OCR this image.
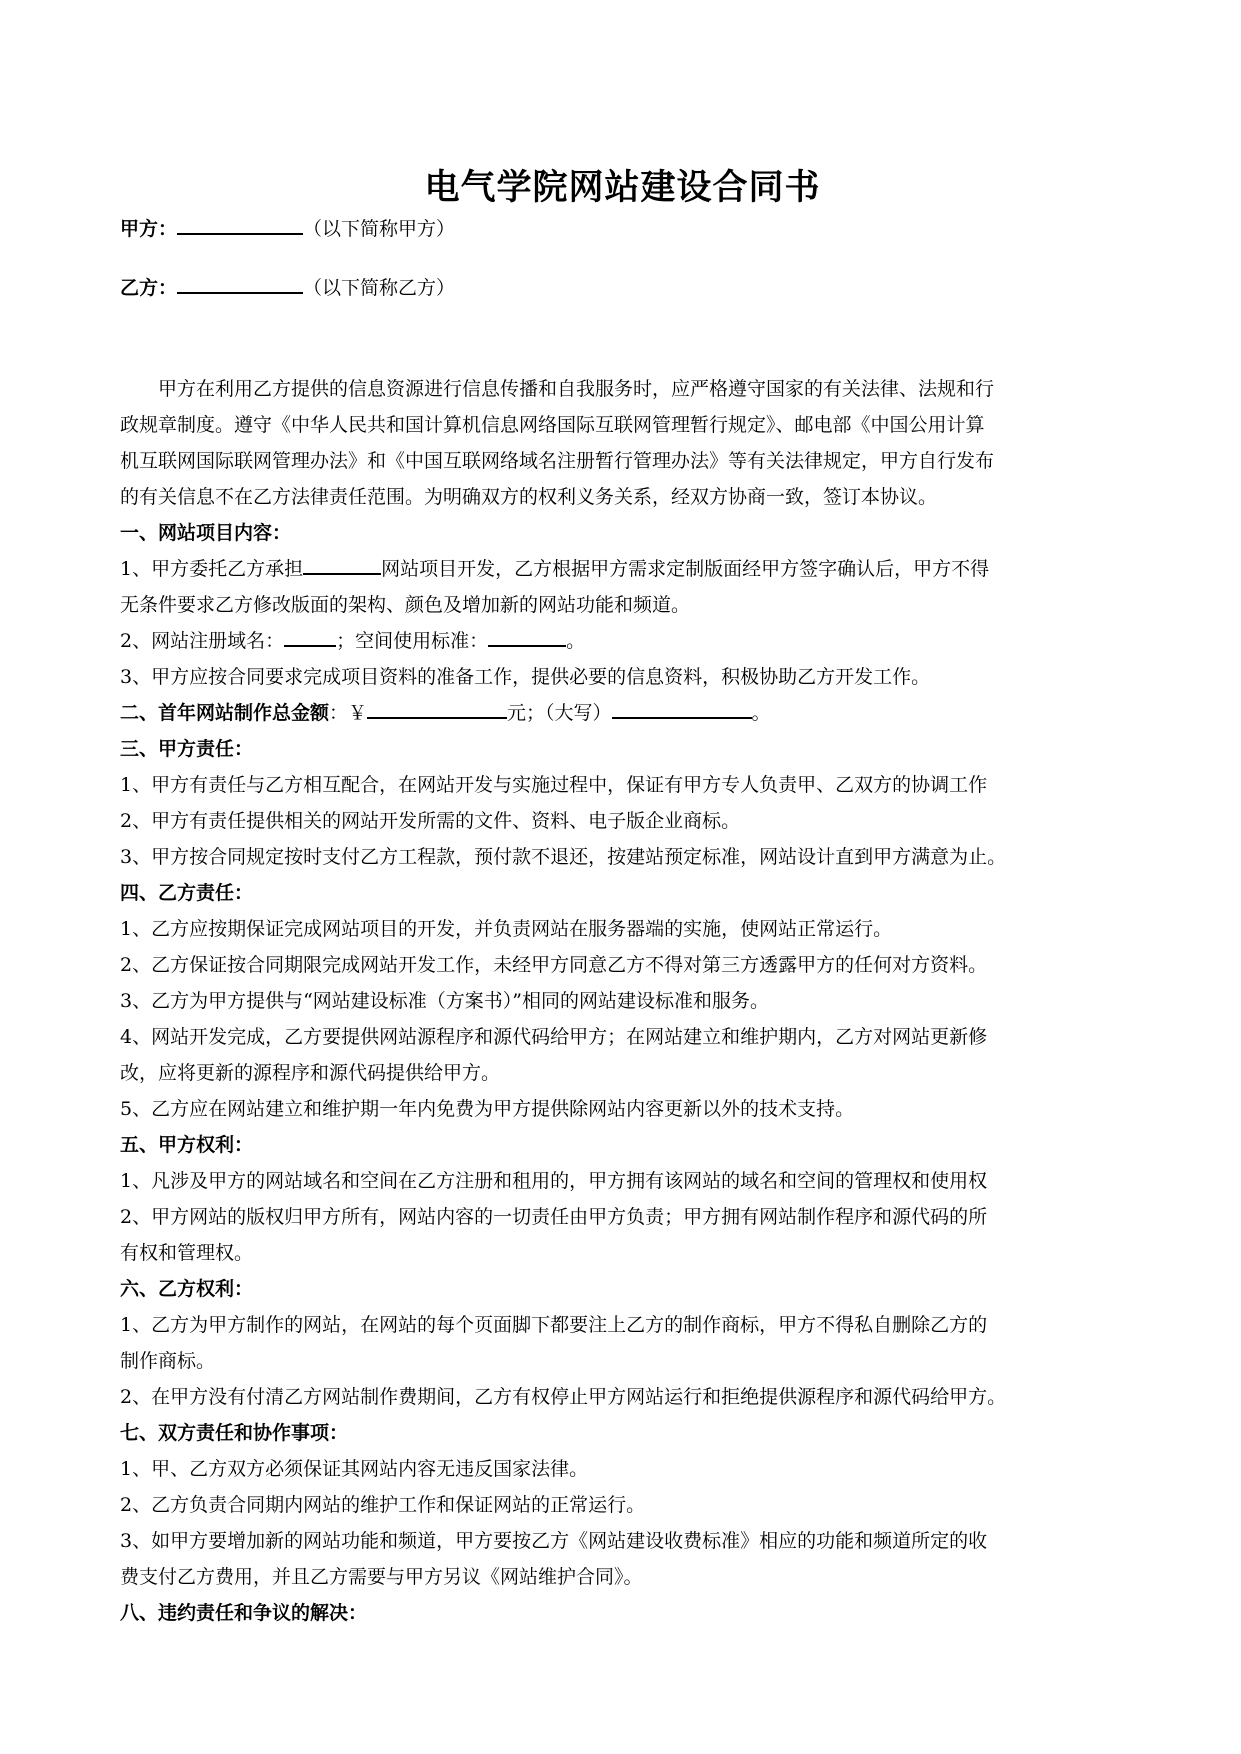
电气学院网站建设合同书
甲方：	（以下简称甲方）
乙方：	（以下简称乙方）

甲方在利用乙方提供的信息资源进行信息传播和自我服务时，应严格遵守国家的有关法律、法规和行

政规章制度。遵守《中华人民共和国计算机信息网络国际互联网管理暂行规定》、邮电部《中国公用计算

机互联网国际联网管理办法》和《中国互联网络域名注册暂行管理办法》等有关法律规定，甲方自行发布

的有关信息不在乙方法律责任范围。为明确双方的权利义务关系，经双方协商一致，签订本协议。

一、网站项目内容：
1、甲方委托乙方承担	网站项目开发，乙方根据甲方需求定制版面经甲方签字确认后，甲方不得
无条件要求乙方修改版面的架构、颜色及增加新的网站功能和频道。
2、网站注册域名：	；空间使用标准：	。
3、甲方应按合同要求完成项目资料的准备工作，提供必要的信息资料，积极协助乙方开发工作。
二、首年网站制作总金额：￥	元；（大写）	。
三、甲方责任：
1、甲方有责任与乙方相互配合，在网站开发与实施过程中，保证有甲方专人负责甲、乙双方的协调工作
2、甲方有责任提供相关的网站开发所需的文件、资料、电子版企业商标。
3、甲方按合同规定按时支付乙方工程款，预付款不退还，按建站预定标准，网站设计直到甲方满意为止。
四、乙方责任：
1、乙方应按期保证完成网站项目的开发，并负责网站在服务器端的实施，使网站正常运行。
2、乙方保证按合同期限完成网站开发工作，未经甲方同意乙方不得对第三方透露甲方的任何对方资料。
3、乙方为甲方提供与“网站建设标准（方案书）”相同的网站建设标准和服务。
4、网站开发完成，乙方要提供网站源程序和源代码给甲方；在网站建立和维护期内，乙方对网站更新修
改，应将更新的源程序和源代码提供给甲方。
5、乙方应在网站建立和维护期一年内免费为甲方提供除网站内容更新以外的技术支持。
五、甲方权利：
1、凡涉及甲方的网站域名和空间在乙方注册和租用的，甲方拥有该网站的域名和空间的管理权和使用权
2、甲方网站的版权归甲方所有，网站内容的一切责任由甲方负责；甲方拥有网站制作程序和源代码的所
有权和管理权。
六、乙方权利：
1、乙方为甲方制作的网站，在网站的每个页面脚下都要注上乙方的制作商标，甲方不得私自删除乙方的
制作商标。
2、在甲方没有付清乙方网站制作费期间，乙方有权停止甲方网站运行和拒绝提供源程序和源代码给甲方。
七、双方责任和协作事项：
1、甲、乙方双方必须保证其网站内容无违反国家法律。
2、乙方负责合同期内网站的维护工作和保证网站的正常运行。
3、如甲方要增加新的网站功能和频道，甲方要按乙方《网站建设收费标准》相应的功能和频道所定的收
费支付乙方费用，并且乙方需要与甲方另议《网站维护合同》。
八、违约责任和争议的解决：
